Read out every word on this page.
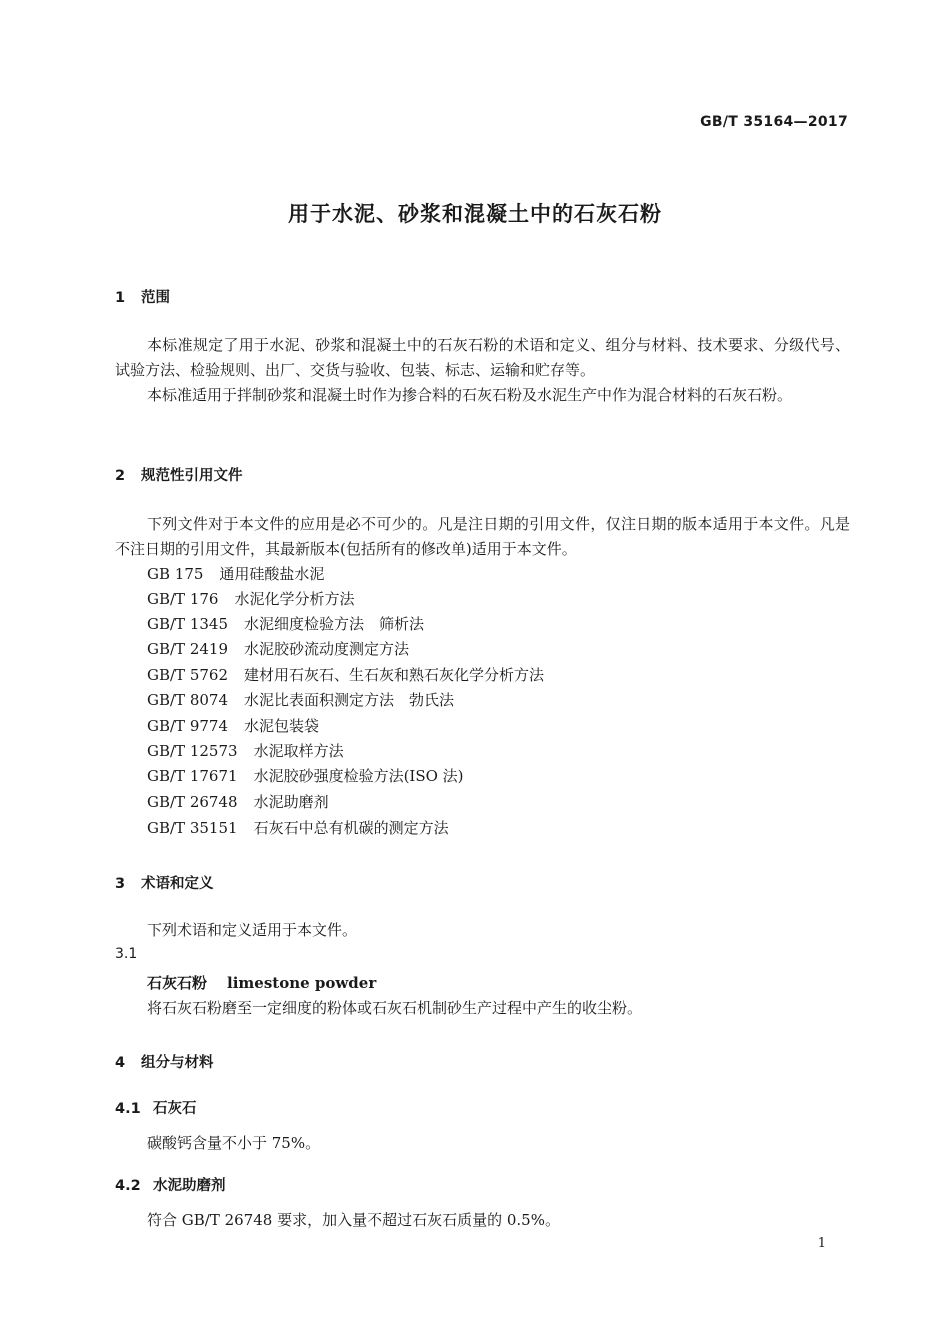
GB/T 35164—2017
用于水泥、砂浆和混凝土中的石灰石粉
1 范围
本标准规定了用于水泥、砂浆和混凝土中的石灰石粉的术语和定义、组分与材料、技术要求、分级代号、试验方法、检验规则、出厂、交货与验收、包装、标志、运输和贮存等。
本标准适用于拌制砂浆和混凝土时作为掺合料的石灰石粉及水泥生产中作为混合材料的石灰石粉。
2 规范性引用文件
下列文件对于本文件的应用是必不可少的。凡是注日期的引用文件，仅注日期的版本适用于本文件。凡是不注日期的引用文件，其最新版本(包括所有的修改单)适用于本文件。
GB 175 通用硅酸盐水泥
GB/T 176 水泥化学分析方法
GB/T 1345 水泥细度检验方法　筛析法
GB/T 2419 水泥胶砂流动度测定方法
GB/T 5762 建材用石灰石、生石灰和熟石灰化学分析方法
GB/T 8074 水泥比表面积测定方法　勃氏法
GB/T 9774 水泥包装袋
GB/T 12573 水泥取样方法
GB/T 17671 水泥胶砂强度检验方法(ISO 法)
GB/T 26748 水泥助磨剂
GB/T 35151 石灰石中总有机碳的测定方法
3 术语和定义
下列术语和定义适用于本文件。
3.1
石灰石粉 limestone powder
将石灰石粉磨至一定细度的粉体或石灰石机制砂生产过程中产生的收尘粉。
4 组分与材料
4.1 石灰石
碳酸钙含量不小于 75%。
4.2 水泥助磨剂
符合 GB/T 26748 要求，加入量不超过石灰石质量的 0.5%。
1
